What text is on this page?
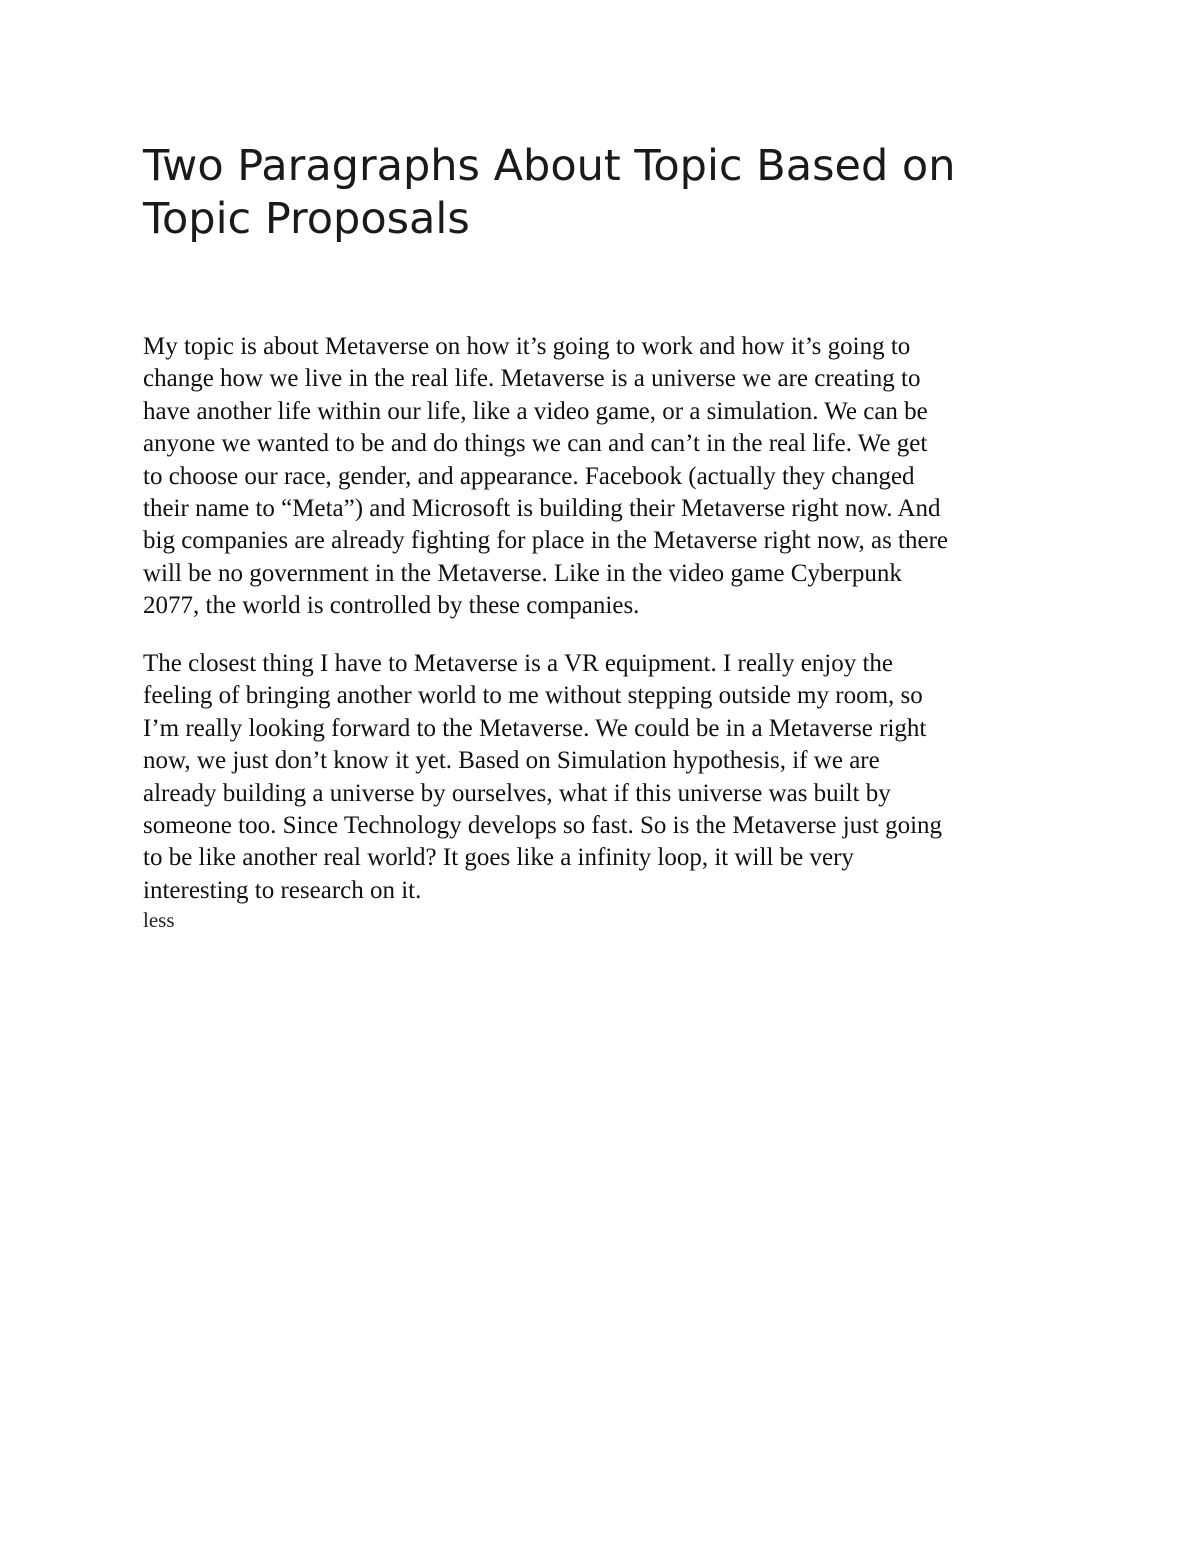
Two Paragraphs About Topic Based on
Topic Proposals

My topic is about Metaverse on how it’s going to work and how it’s going to
change how we live in the real life. Metaverse is a universe we are creating to
have another life within our life, like a video game, or a simulation. We can be
anyone we wanted to be and do things we can and can’t in the real life. We get
to choose our race, gender, and appearance. Facebook (actually they changed
their name to “Meta”) and Microsoft is building their Metaverse right now. And
big companies are already fighting for place in the Metaverse right now, as there
will be no government in the Metaverse. Like in the video game Cyberpunk
2077, the world is controlled by these companies.

The closest thing I have to Metaverse is a VR equipment. I really enjoy the
feeling of bringing another world to me without stepping outside my room, so
I’m really looking forward to the Metaverse. We could be in a Metaverse right
now, we just don’t know it yet. Based on Simulation hypothesis, if we are
already building a universe by ourselves, what if this universe was built by
someone too. Since Technology develops so fast. So is the Metaverse just going
to be like another real world? It goes like a infinity loop, it will be very
interesting to research on it.

less
